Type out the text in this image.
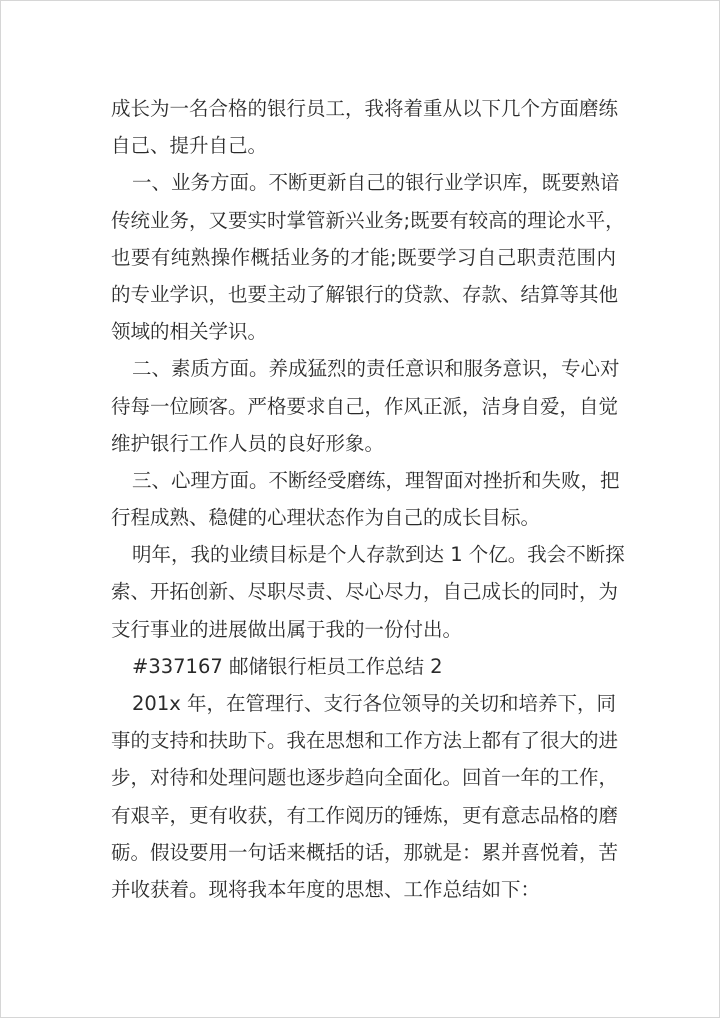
成长为一名合格的银行员工，我将着重从以下几个方面磨练
自己、提升自己。
一、业务方面。不断更新自己的银行业学识库，既要熟谙
传统业务，又要实时掌管新兴业务;既要有较高的理论水平，
也要有纯熟操作概括业务的才能;既要学习自己职责范围内
的专业学识，也要主动了解银行的贷款、存款、结算等其他
领域的相关学识。
二、素质方面。养成猛烈的责任意识和服务意识，专心对
待每一位顾客。严格要求自己，作风正派，洁身自爱，自觉
维护银行工作人员的良好形象。
三、心理方面。不断经受磨练，理智面对挫折和失败，把
行程成熟、稳健的心理状态作为自己的成长目标。
明年，我的业绩目标是个人存款到达 1 个亿。我会不断探
索、开拓创新、尽职尽责、尽心尽力，自己成长的同时，为
支行事业的进展做出属于我的一份付出。
#337167 邮储银行柜员工作总结 2
201x 年，在管理行、支行各位领导的关切和培养下，同
事的支持和扶助下。我在思想和工作方法上都有了很大的进
步，对待和处理问题也逐步趋向全面化。回首一年的工作，
有艰辛，更有收获，有工作阅历的锤炼，更有意志品格的磨
砺。假设要用一句话来概括的话，那就是：累并喜悦着，苦
并收获着。现将我本年度的思想、工作总结如下：
